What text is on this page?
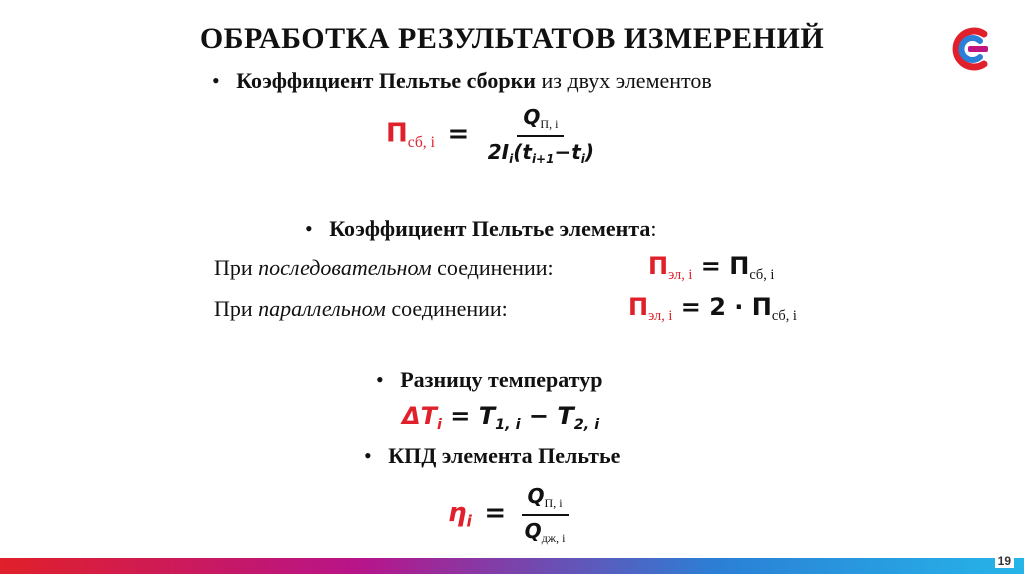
ОБРАБОТКА РЕЗУЛЬТАТОВ ИЗМЕРЕНИЙ
• Коэффициент Пельтье сборки из двух элементов
$П_{сб, i} = \frac{Q_{П, i}}{2I_i(t_{i+1}-t_i)}$
• Коэффициент Пельтье элемента:
При последовательном соединении:	$П_{эл, i} = П_{сб, i}$
При параллельном соединении:	$П_{эл, i} = 2 \cdot П_{сб, i}$
• Разницу температур
$\Delta T_i = T_{1, i} - T_{2, i}$
• КПД элемента Пельтье
$\eta_i = \frac{Q_{П, i}}{Q_{дж, i}}$
19
